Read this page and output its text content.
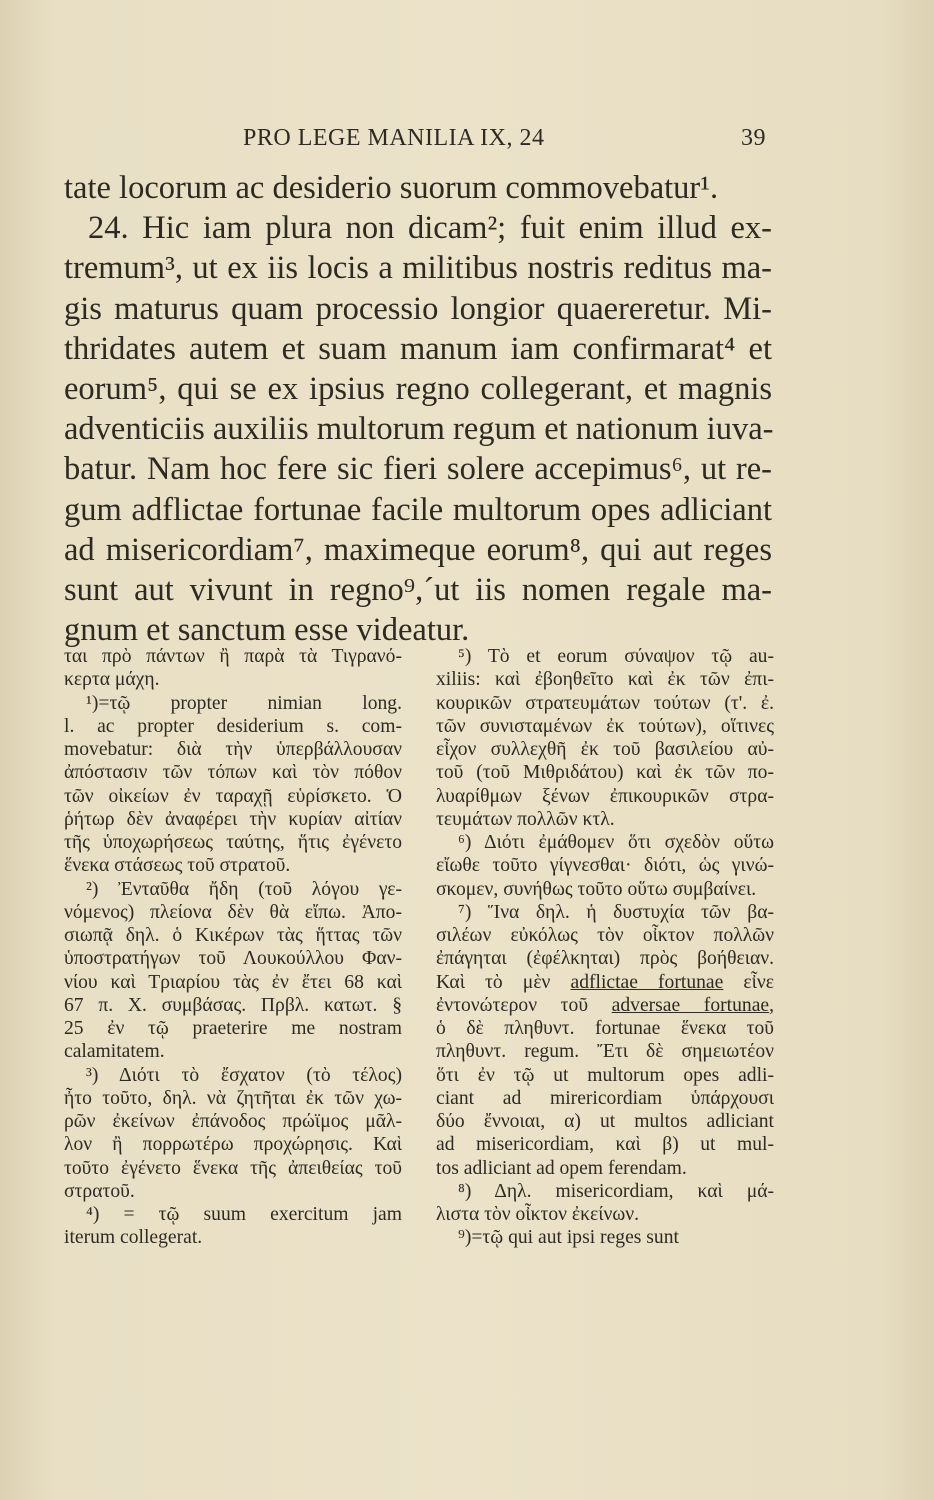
PRO LEGE MANILIA IX, 24	39
tate locorum ac desiderio suorum commovebatur¹.
24. Hic iam plura non dicam²; fuit enim illud ex-
tremum³, ut ex iis locis a militibus nostris reditus ma-
gis maturus quam processio longior quaereretur. Mi-
thridates autem et suam manum iam confirmarat⁴ et
eorum⁵, qui se ex ipsius regno collegerant, et magnis
adventiciis auxiliis multorum regum et nationum iuva-
batur. Nam hoc fere sic fieri solere accepimus⁶, ut re-
gum adflictae fortunae facile multorum opes adliciant
ad misericordiam⁷, maximeque eorum⁸, qui aut reges
sunt aut vivunt in regno⁹,´ut iis nomen regale ma-
gnum et sanctum esse videatur.
ται πρὸ πάντων ἢ παρὰ τὰ Τιγρανό-
κερτα μάχη.
¹)=τῷ propter nimian long.
l. ac propter desiderium s. com-
movebatur: διὰ τὴν ὑπερβάλλουσαν
ἀπόστασιν τῶν τόπων καὶ τὸν πόθον
τῶν οἰκείων ἐν ταραχῇ εὑρίσκετο. Ὁ
ῥήτωρ δὲν ἀναφέρει τὴν κυρίαν αἰτίαν
τῆς ὑποχωρήσεως ταύτης, ἥτις ἐγένετο
ἕνεκα στάσεως τοῦ στρατοῦ.
²) Ἐνταῦθα ἤδη (τοῦ λόγου γε-
νόμενος) πλείονα δὲν θὰ εἴπω. Ἀπο-
σιωπᾷ δηλ. ὁ Κικέρων τὰς ἥττας τῶν
ὑποστρατήγων τοῦ Λουκούλλου Φαν-
νίου καὶ Τριαρίου τὰς ἐν ἔτει 68 καὶ
67 π. Χ. συμβάσας. Πρβλ. κατωτ. §
25 ἐν τῷ praeterire me nostram
calamitatem.
³) Διότι τὸ ἔσχατον (τὸ τέλος)
ἦτο τοῦτο, δηλ. νὰ ζητῆται ἐκ τῶν χω-
ρῶν ἐκείνων ἐπάνοδος πρώϊμος μᾶλ-
λον ἢ πορρωτέρω προχώρησις. Καὶ
τοῦτο ἐγένετο ἕνεκα τῆς ἀπειθείας τοῦ
στρατοῦ.
⁴) = τῷ suum exercitum jam
iterum collegerat.
⁵) Τὸ et eorum σύναψον τῷ au-
xiliis: καὶ ἐβοηθεῖτο καὶ ἐκ τῶν ἐπι-
κουρικῶν στρατευμάτων τούτων (τ'. ἐ.
τῶν συνισταμένων ἐκ τούτων), οἵτινες
εἶχον συλλεχθῆ ἐκ τοῦ βασιλείου αὐ-
τοῦ (τοῦ Μιθριδάτου) καὶ ἐκ τῶν πο-
λυαρίθμων ξένων ἐπικουρικῶν στρα-
τευμάτων πολλῶν κτλ.
⁶) Διότι ἐμάθομεν ὅτι σχεδὸν οὕτω
εἴωθε τοῦτο γίγνεσθαι· διότι, ὡς γινώ-
σκομεν, συνήθως τοῦτο οὕτω συμβαίνει.
⁷) Ἵνα δηλ. ἡ δυστυχία τῶν βα-
σιλέων εὐκόλως τὸν οἶκτον πολλῶν
ἐπάγηται (ἐφέλκηται) πρὸς βοήθειαν.
Καὶ τὸ μὲν adflictae fortunae εἶνε
ἐντονώτερον τοῦ adversae fortunae,
ὁ δὲ πληθυντ. fortunae ἕνεκα τοῦ
πληθυντ. regum. Ἔτι δὲ σημειωτέον
ὅτι ἐν τῷ ut multorum opes adli-
ciant ad mirericordiam ὑπάρχουσι
δύο ἔννοιαι, α) ut multos adliciant
ad misericordiam, καὶ β) ut mul-
tos adliciant ad opem ferendam.
⁸) Δηλ. misericordiam, καὶ μά-
λιστα τὸν οἶκτον ἐκείνων.
⁹)=τῷ qui aut ipsi reges sunt
